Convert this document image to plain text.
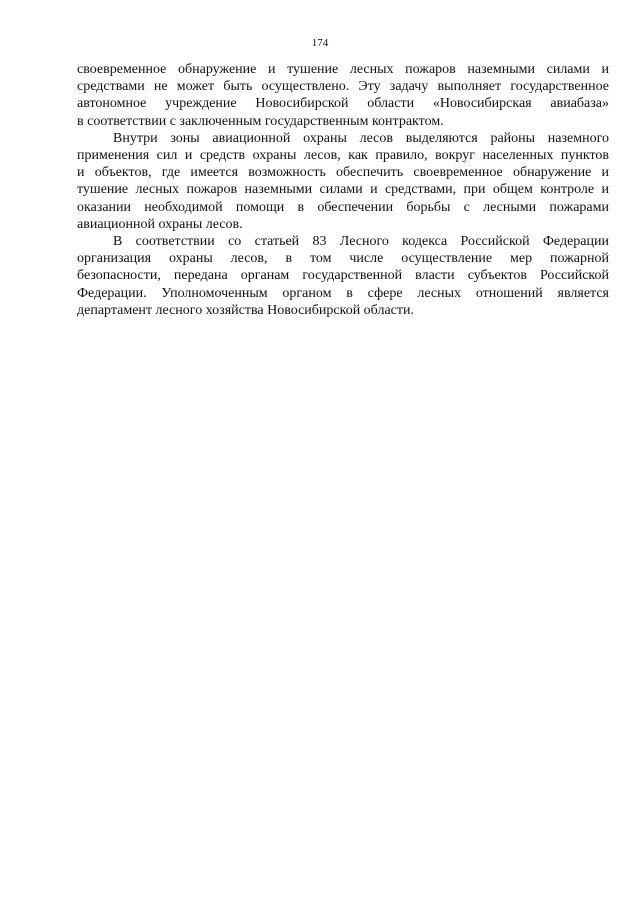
174

своевременное обнаружение и тушение лесных пожаров наземными силами и
средствами не может быть осуществлено. Эту задачу выполняет государственное
автономное учреждение Новосибирской области «Новосибирская авиабаза»
в соответствии с заключенным государственным контрактом.

Внутри зоны авиационной охраны лесов выделяются районы наземного
применения сил и средств охраны лесов, как правило, вокруг населенных пунктов
и объектов, где имеется возможность обеспечить своевременное обнаружение и
тушение лесных пожаров наземными силами и средствами, при общем контроле и
оказании необходимой помощи в обеспечении борьбы с лесными пожарами
авиационной охраны лесов.

В соответствии со статьей 83 Лесного кодекса Российской Федерации
организация охраны лесов, в том числе осуществление мер пожарной
безопасности, передана органам государственной власти субъектов Российской
Федерации. Уполномоченным органом в сфере лесных отношений является
департамент лесного хозяйства Новосибирской области.
